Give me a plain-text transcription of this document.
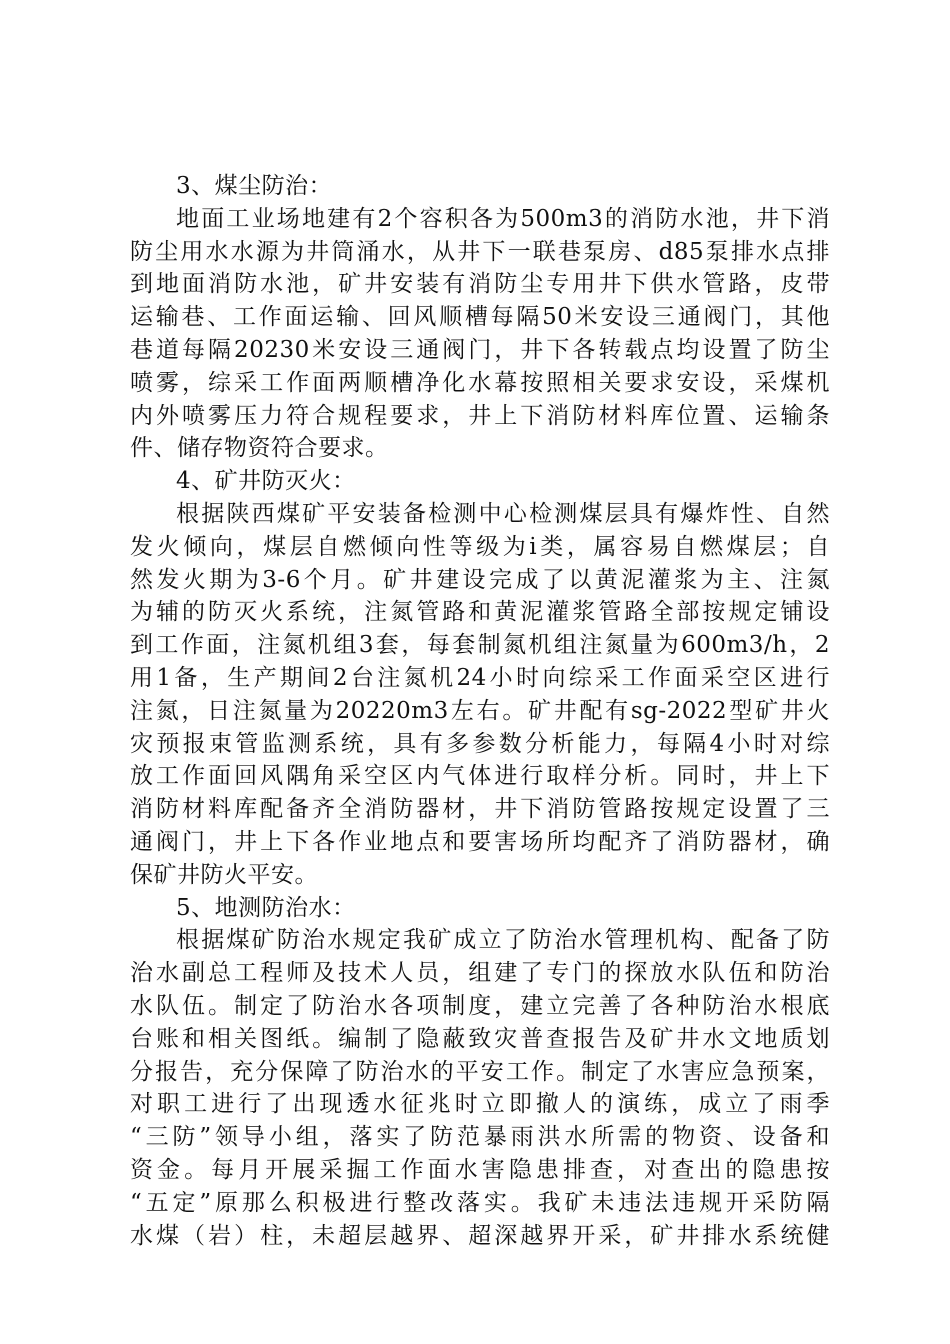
3、煤尘防治：
地面工业场地建有2个容积各为500m3的消防水池，井下消
防尘用水水源为井筒涌水，从井下一联巷泵房、d85泵排水点排
到地面消防水池，矿井安装有消防尘专用井下供水管路，皮带
运输巷、工作面运输、回风顺槽每隔50米安设三通阀门，其他
巷道每隔20230米安设三通阀门，井下各转载点均设置了防尘
喷雾，综采工作面两顺槽净化水幕按照相关要求安设，采煤机
内外喷雾压力符合规程要求，井上下消防材料库位置、运输条
件、储存物资符合要求。
4、矿井防灭火：
根据陕西煤矿平安装备检测中心检测煤层具有爆炸性、自然
发火倾向，煤层自燃倾向性等级为i类，属容易自燃煤层；自
然发火期为3-6个月。矿井建设完成了以黄泥灌浆为主、注氮
为辅的防灭火系统，注氮管路和黄泥灌浆管路全部按规定铺设
到工作面，注氮机组3套，每套制氮机组注氮量为600m3/h，2
用1备，生产期间2台注氮机24小时向综采工作面采空区进行
注氮，日注氮量为20220m3左右。矿井配有sg-2022型矿井火
灾预报束管监测系统，具有多参数分析能力，每隔4小时对综
放工作面回风隅角采空区内气体进行取样分析。同时，井上下
消防材料库配备齐全消防器材，井下消防管路按规定设置了三
通阀门，井上下各作业地点和要害场所均配齐了消防器材，确
保矿井防火平安。
5、地测防治水：
根据煤矿防治水规定我矿成立了防治水管理机构、配备了防
治水副总工程师及技术人员，组建了专门的探放水队伍和防治
水队伍。制定了防治水各项制度，建立完善了各种防治水根底
台账和相关图纸。编制了隐蔽致灾普查报告及矿井水文地质划
分报告，充分保障了防治水的平安工作。制定了水害应急预案，
对职工进行了出现透水征兆时立即撤人的演练，成立了雨季
“三防”领导小组，落实了防范暴雨洪水所需的物资、设备和
资金。每月开展采掘工作面水害隐患排查，对查出的隐患按
“五定”原那么积极进行整改落实。我矿未违法违规开采防隔
水煤（岩）柱，未超层越界、超深越界开采，矿井排水系统健
